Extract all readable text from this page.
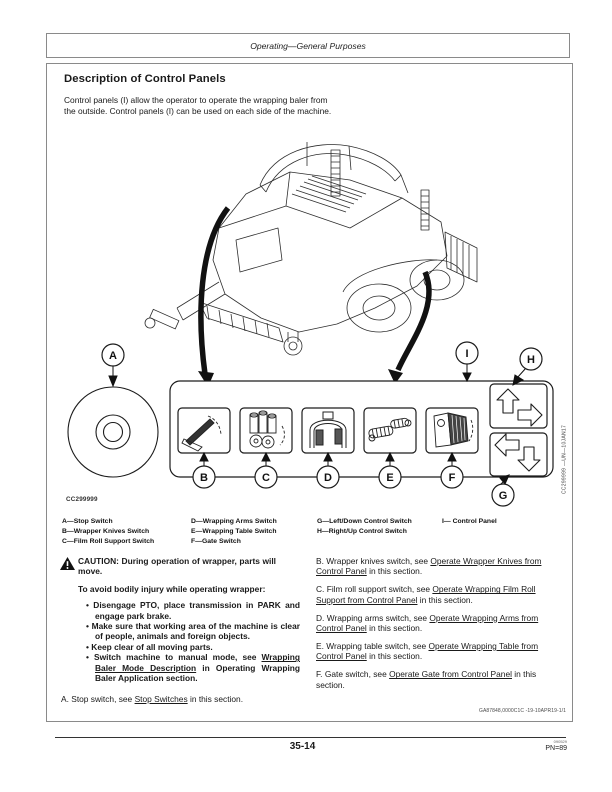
Operating—General Purposes
Description of Control Panels
Control panels (I) allow the operator to operate the wrapping baler from the outside. Control panels (I) can be used on each side of the machine.
A
B	C	D	E	F
G
H
I
CC299999
CC299999 —UN—10JAN17
A—Stop Switch
B—Wrapper Knives Switch
C—Film Roll Support Switch
D—Wrapping Arms Switch
E—Wrapping Table Switch
F—Gate Switch
G—Left/Down Control Switch
H—Right/Up Control Switch
I— Control Panel
CAUTION: During operation of wrapper, parts will move.
To avoid bodily injury while operating wrapper:
• Disengage PTO, place transmission in PARK and engage park brake.
• Make sure that working area of the machine is clear of people, animals and foreign objects.
• Keep clear of all moving parts.
• Switch machine to manual mode, see Wrapping Baler Mode Description in Operating Wrapping Baler Application section.
A. Stop switch, see Stop Switches in this section.

B. Wrapper knives switch, see Operate Wrapper Knives from Control Panel in this section.

C. Film roll support switch, see Operate Wrapping Film Roll Support from Control Panel in this section.

D. Wrapping arms switch, see Operate Wrapping Arms from Control Panel in this section.

E. Wrapping table switch, see Operate Wrapping Table from Control Panel in this section.

F. Gate switch, see Operate Gate from Control Panel in this section.

GA87848,0000C1C -19-10APR19-1/1
35-14	090529
PN=89
